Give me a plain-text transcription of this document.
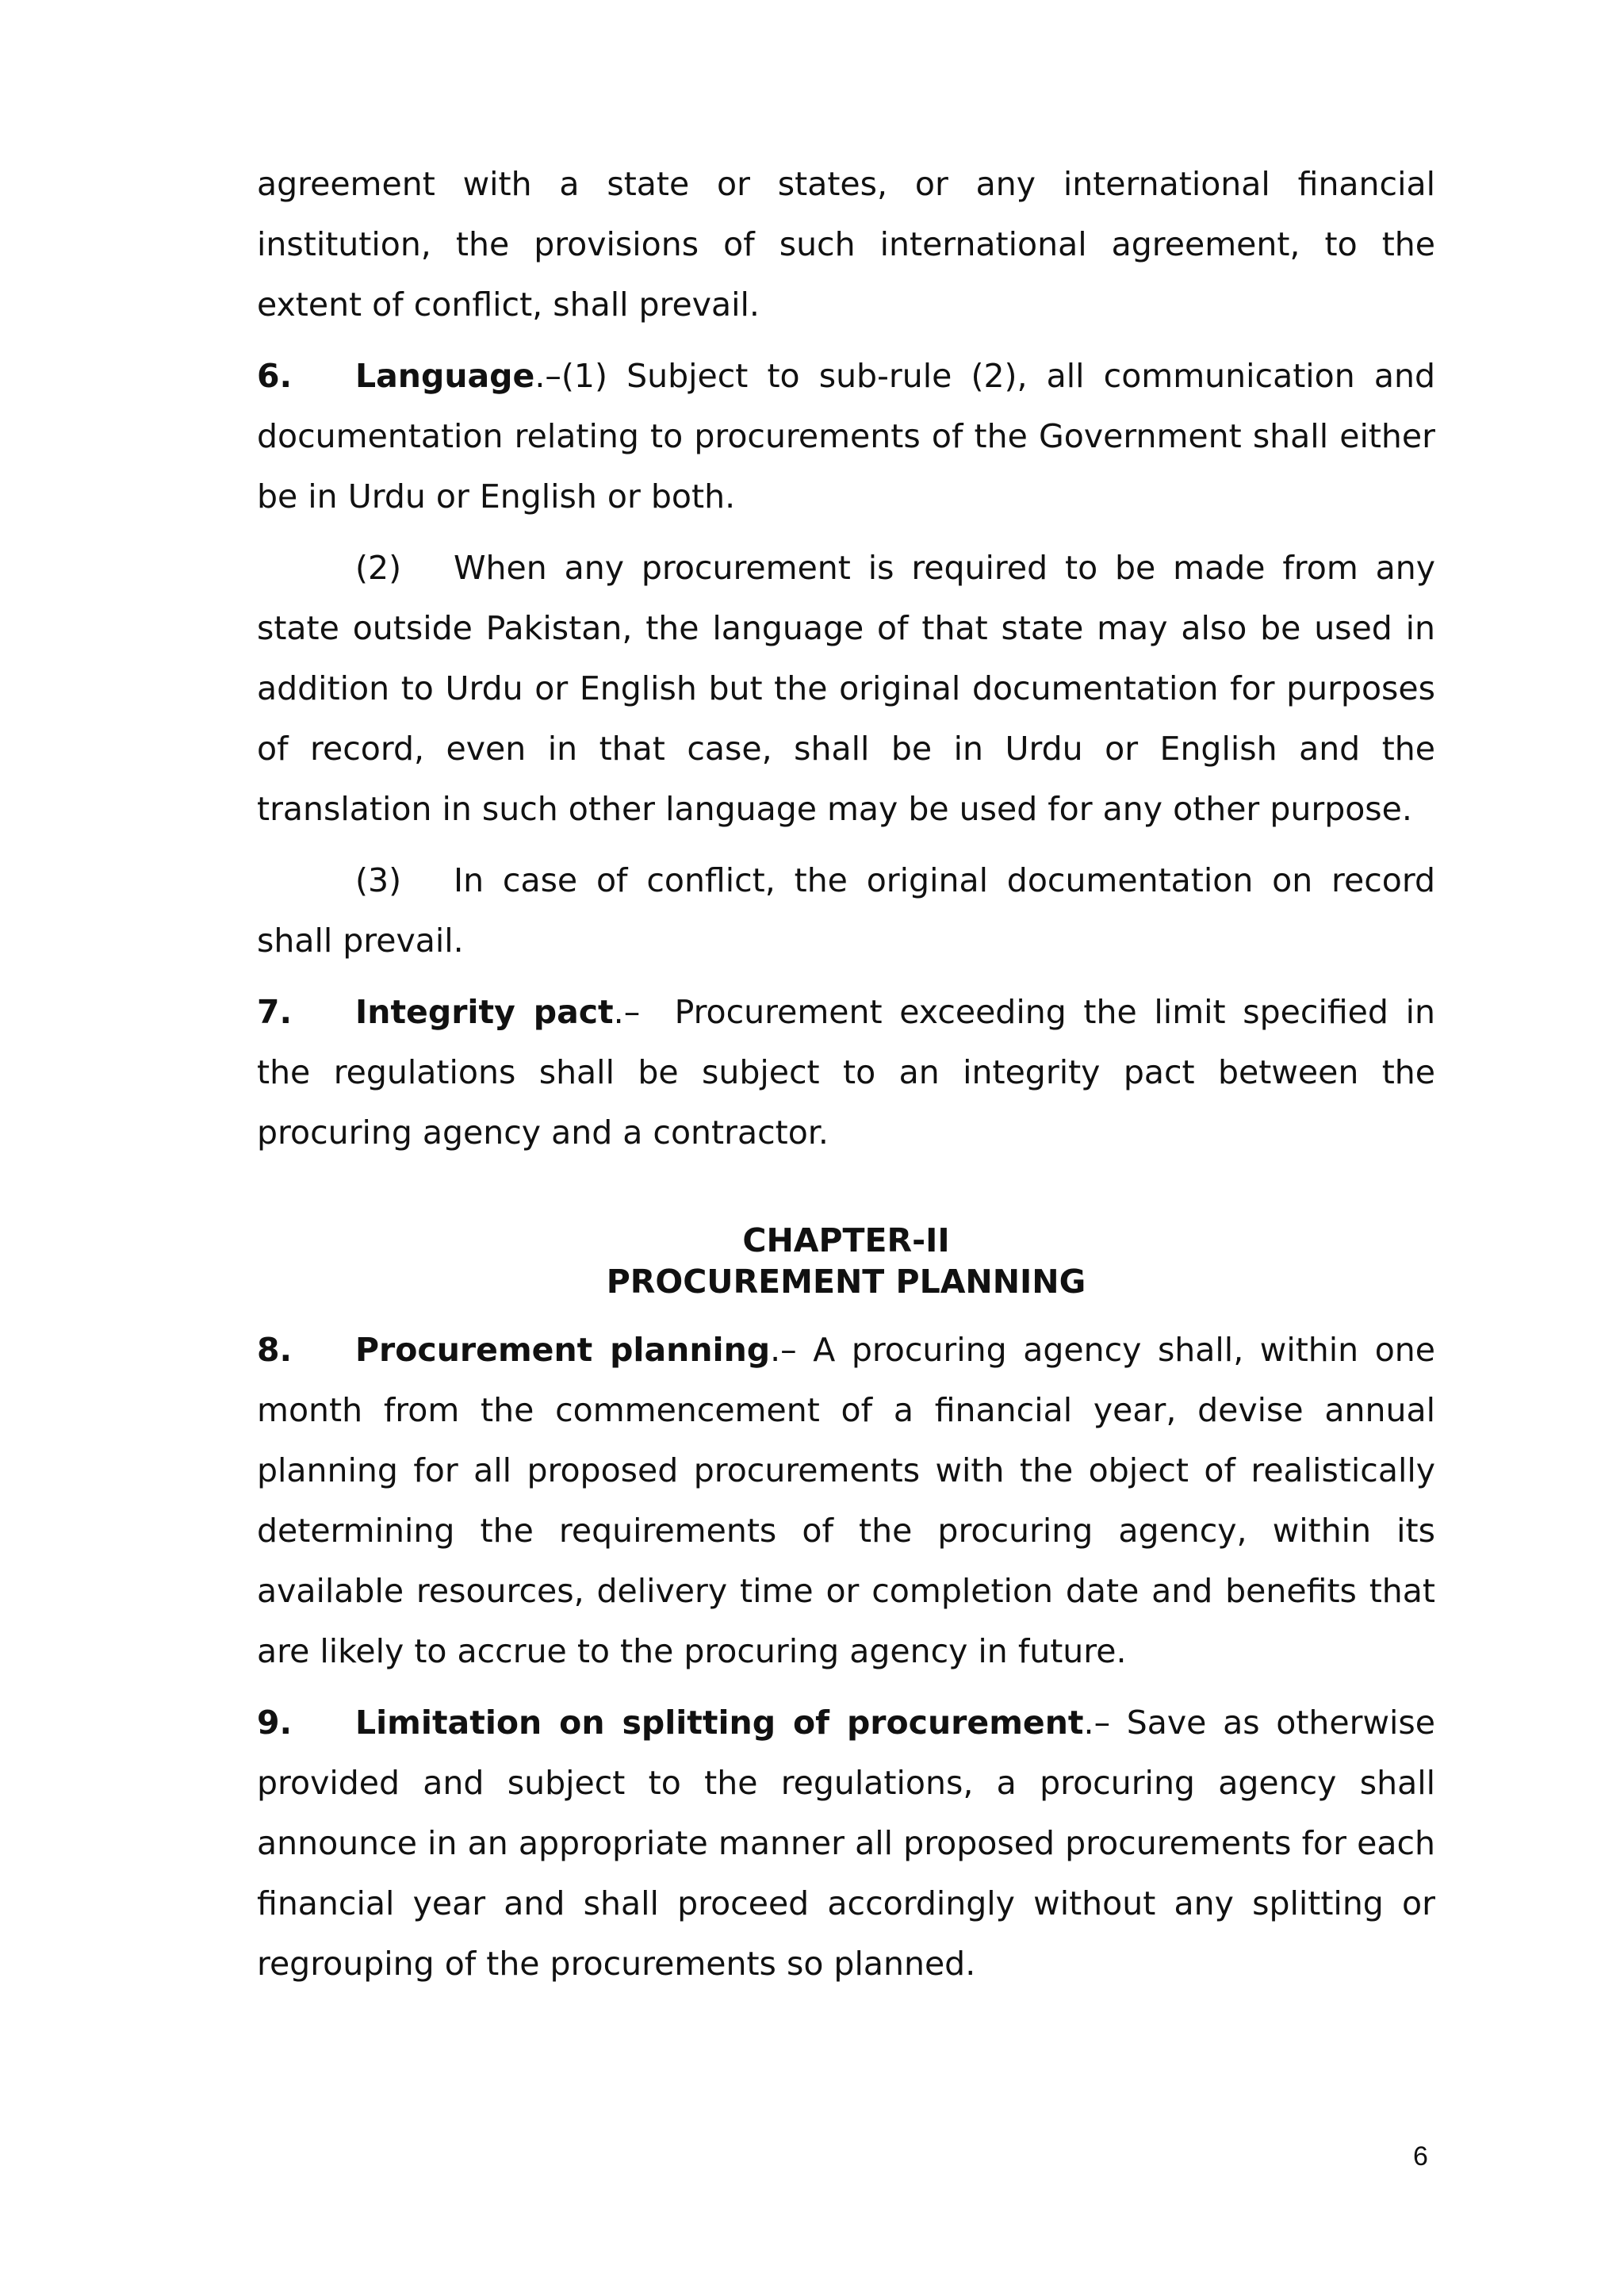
agreement with a state or states, or any international financial institution, the provisions of such international agreement, to the extent of conflict, shall prevail.

6. Language.–(1) Subject to sub-rule (2), all communication and documentation relating to procurements of the Government shall either be in Urdu or English or both.

(2) When any procurement is required to be made from any state outside Pakistan, the language of that state may also be used in addition to Urdu or English but the original documentation for purposes of record, even in that case, shall be in Urdu or English and the translation in such other language may be used for any other purpose.

(3) In case of conflict, the original documentation on record shall prevail.

7. Integrity pact.–  Procurement exceeding the limit specified in the regulations shall be subject to an integrity pact between the procuring agency and a contractor.

CHAPTER-II
PROCUREMENT PLANNING

8. Procurement planning.– A procuring agency shall, within one month from the commencement of a financial year, devise annual planning for all proposed procurements with the object of realistically determining the requirements of the procuring agency, within its available resources, delivery time or completion date and benefits that are likely to accrue to the procuring agency in future.

9. Limitation on splitting of procurement.– Save as otherwise provided and subject to the regulations, a procuring agency shall announce in an appropriate manner all proposed procurements for each financial year and shall proceed accordingly without any splitting or regrouping of the procurements so planned.

6
